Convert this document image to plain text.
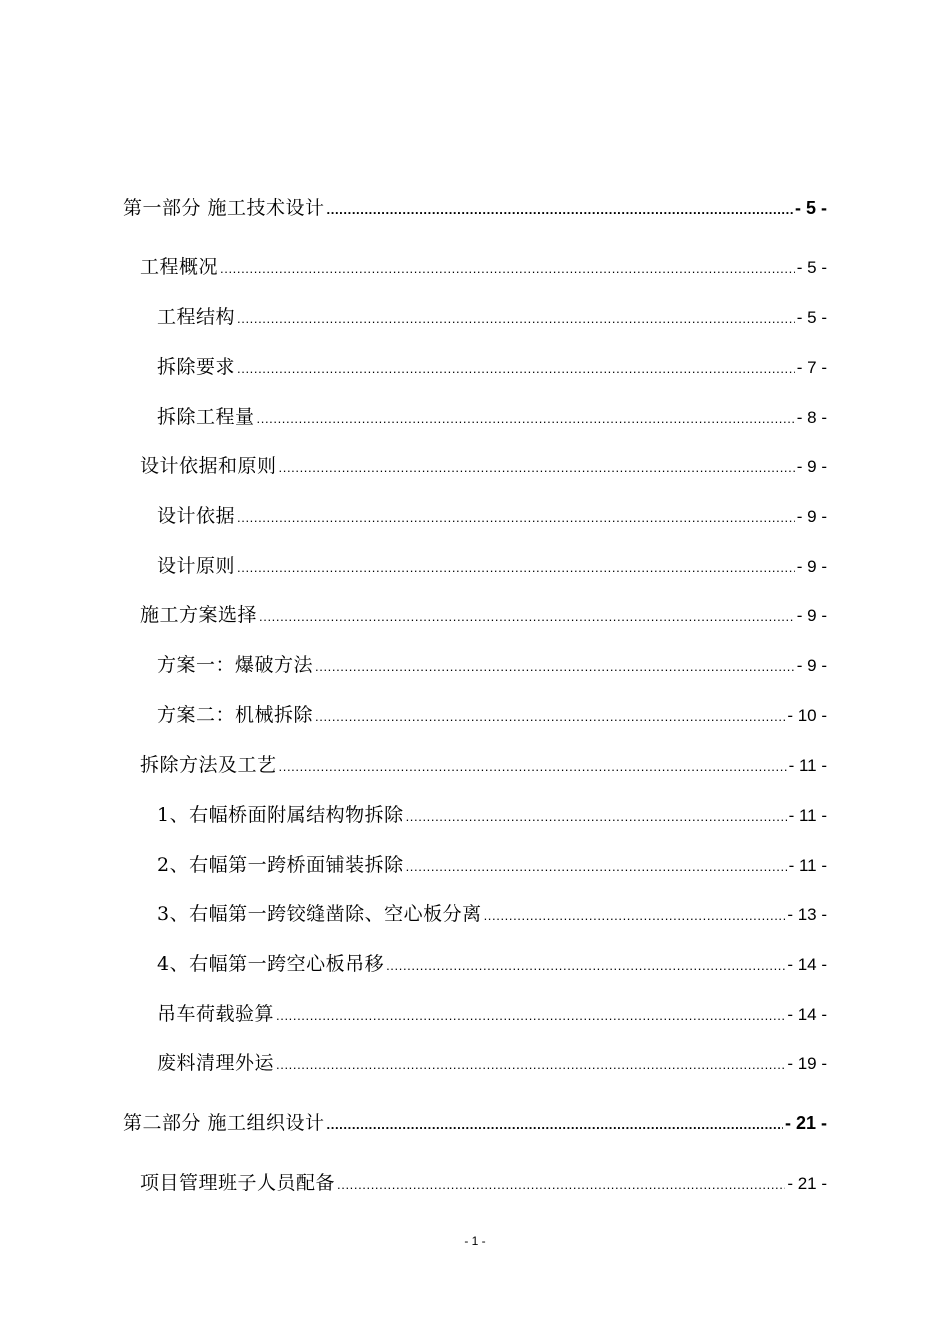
第一部分 施工技术设计 .....	- 5 -
工程概况 .....	- 5 -
工程结构 .....	- 5 -
拆除要求 .....	- 7 -
拆除工程量 .....	- 8 -
设计依据和原则 .....	- 9 -
设计依据 .....	- 9 -
设计原则 .....	- 9 -
施工方案选择 .....	- 9 -
方案一：爆破方法 .....	- 9 -
方案二：机械拆除 .....	- 10 -
拆除方法及工艺 .....	- 11 -
1、右幅桥面附属结构物拆除 .....	- 11 -
2、右幅第一跨桥面铺装拆除 .....	- 11 -
3、右幅第一跨铰缝凿除、空心板分离 .....	- 13 -
4、右幅第一跨空心板吊移 .....	- 14 -
吊车荷载验算 .....	- 14 -
废料清理外运 .....	- 19 -
第二部分 施工组织设计 .....	- 21 -
项目管理班子人员配备 .....	- 21 -
- 1 -
